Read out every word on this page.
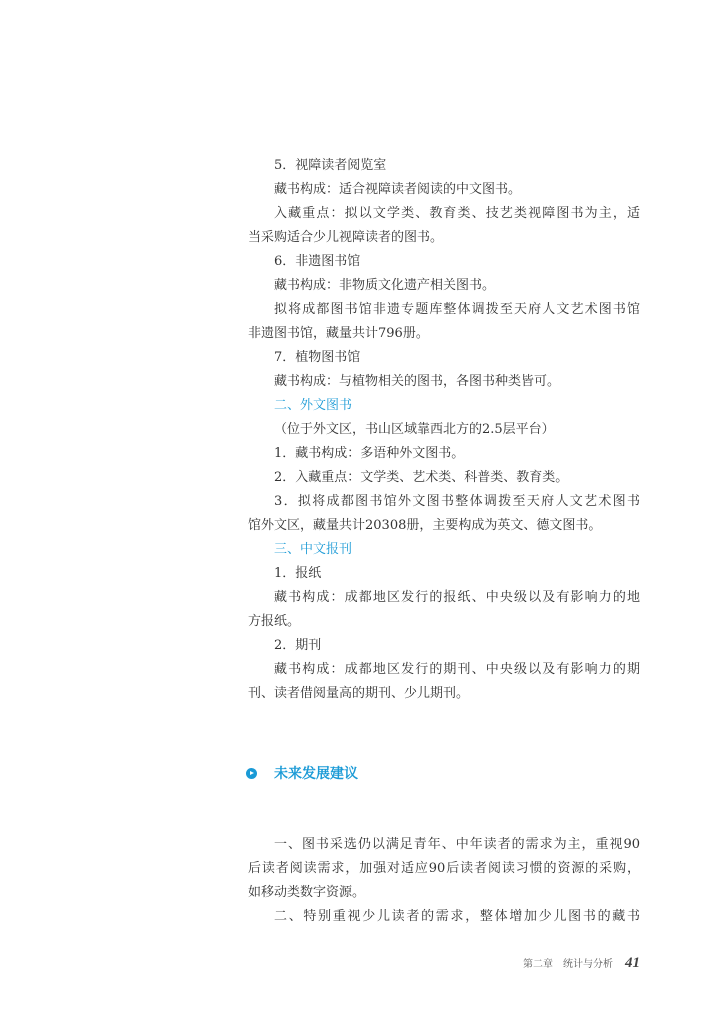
5．视障读者阅览室
藏书构成：适合视障读者阅读的中文图书。
入藏重点：拟以文学类、教育类、技艺类视障图书为主，适
当采购适合少儿视障读者的图书。
6．非遗图书馆
藏书构成：非物质文化遗产相关图书。
拟将成都图书馆非遗专题库整体调拨至天府人文艺术图书馆
非遗图书馆，藏量共计796册。
7．植物图书馆
藏书构成：与植物相关的图书，各图书种类皆可。
二、外文图书
（位于外文区，书山区域靠西北方的2.5层平台）
1．藏书构成：多语种外文图书。
2．入藏重点：文学类、艺术类、科普类、教育类。
3．拟将成都图书馆外文图书整体调拨至天府人文艺术图书
馆外文区，藏量共计20308册，主要构成为英文、德文图书。
三、中文报刊
1．报纸
藏书构成：成都地区发行的报纸、中央级以及有影响力的地
方报纸。
2．期刊
藏书构成：成都地区发行的期刊、中央级以及有影响力的期
刊、读者借阅量高的期刊、少儿期刊。
未来发展建议
一、图书采选仍以满足青年、中年读者的需求为主，重视90
后读者阅读需求，加强对适应90后读者阅读习惯的资源的采购，
如移动类数字资源。
二、特别重视少儿读者的需求，整体增加少儿图书的藏书
第二章　统计与分析 41
